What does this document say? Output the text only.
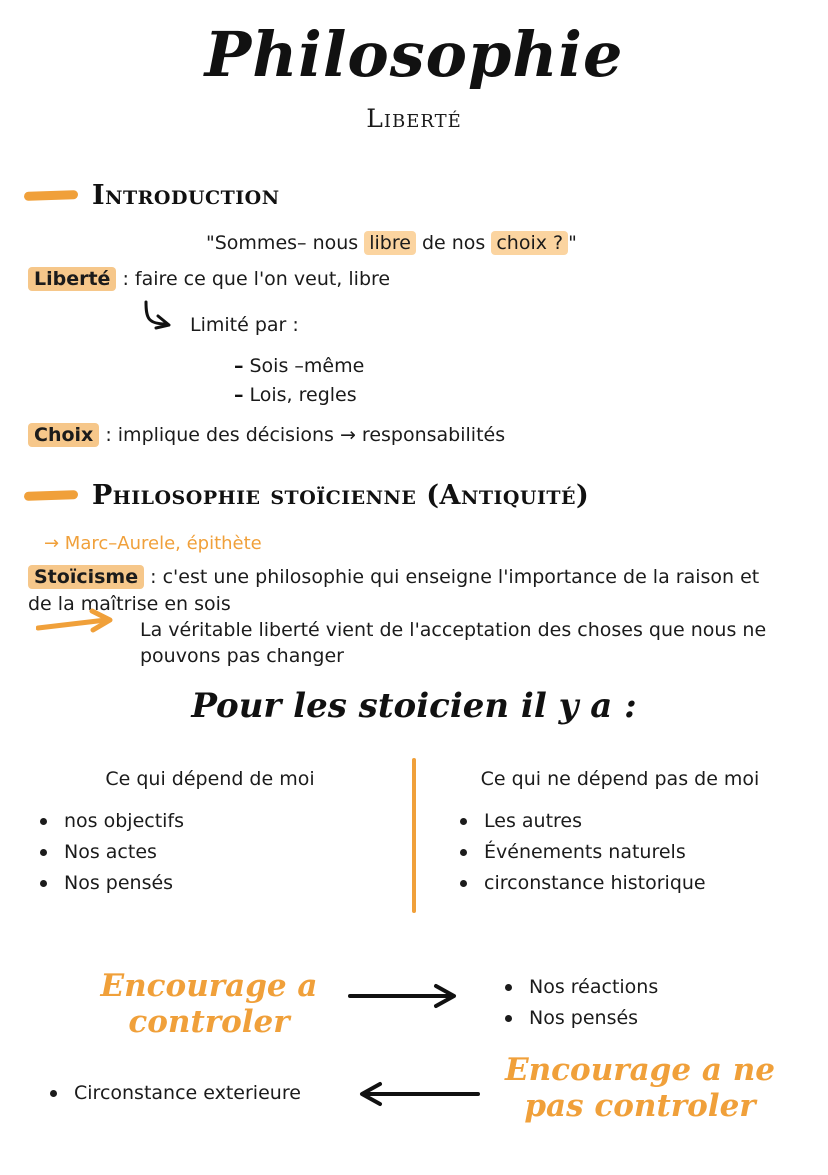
Philosophie
Liberté
Introduction
"Sommes– nous libre de nos choix ? "
Liberté : faire ce que l'on veut, libre
Limité par :
– Sois –même
– Lois, regles
Choix : implique des décisions → responsabilités
Philosophie stoïcienne (Antiquité)
→ Marc–Aurele, épithète
Stoïcisme : c'est une philosophie qui enseigne l'importance de la raison et de la maîtrise en sois
La véritable liberté vient de l'acceptation des choses que nous ne pouvons pas changer
Pour les stoicien il y a :
Ce qui dépend de moi
nos objectifs
Nos actes
Nos pensés
Ce qui ne dépend pas de moi
Les autres
Événements naturels
circonstance historique
Encourage a
controler
Nos réactions
Nos pensés
Encourage a ne
pas controler
Circonstance exterieure
